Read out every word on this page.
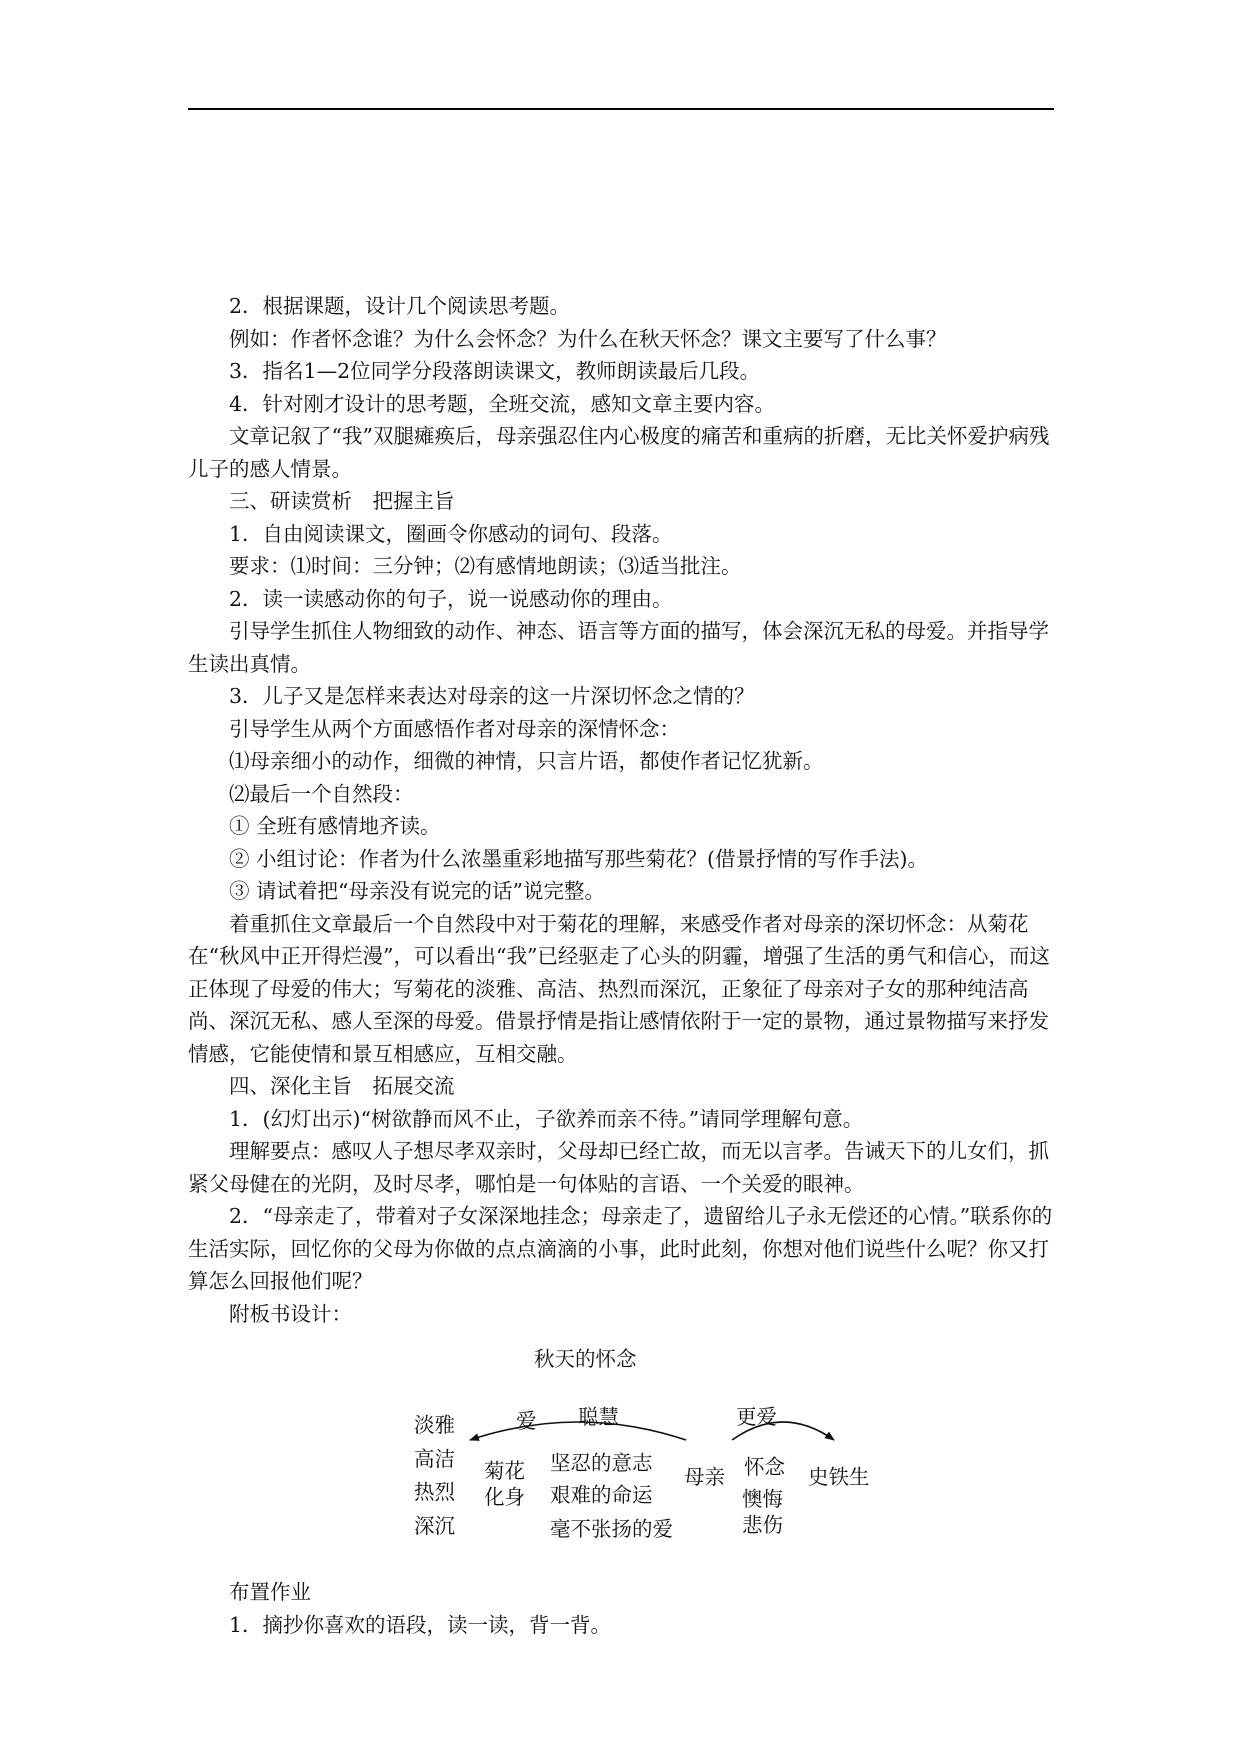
2．根据课题，设计几个阅读思考题。

例如：作者怀念谁？为什么会怀念？为什么在秋天怀念？课文主要写了什么事？

3．指名1—2位同学分段落朗读课文，教师朗读最后几段。

4．针对刚才设计的思考题，全班交流，感知文章主要内容。

文章记叙了“我”双腿瘫痪后，母亲强忍住内心极度的痛苦和重病的折磨，无比关怀爱护病残儿子的感人情景。

三、研读赏析　把握主旨

1．自由阅读课文，圈画令你感动的词句、段落。

要求：⑴时间：三分钟；⑵有感情地朗读；⑶适当批注。

2．读一读感动你的句子，说一说感动你的理由。

引导学生抓住人物细致的动作、神态、语言等方面的描写，体会深沉无私的母爱。并指导学生读出真情。

3．儿子又是怎样来表达对母亲的这一片深切怀念之情的？

引导学生从两个方面感悟作者对母亲的深情怀念：

⑴母亲细小的动作，细微的神情，只言片语，都使作者记忆犹新。

⑵最后一个自然段：

① 全班有感情地齐读。

② 小组讨论：作者为什么浓墨重彩地描写那些菊花？(借景抒情的写作手法)。

③ 请试着把“母亲没有说完的话”说完整。

着重抓住文章最后一个自然段中对于菊花的理解，来感受作者对母亲的深切怀念：从菊花在“秋风中正开得烂漫”，可以看出“我”已经驱走了心头的阴霾，增强了生活的勇气和信心，而这正体现了母爱的伟大；写菊花的淡雅、高洁、热烈而深沉，正象征了母亲对子女的那种纯洁高尚、深沉无私、感人至深的母爱。借景抒情是指让感情依附于一定的景物，通过景物描写来抒发情感，它能使情和景互相感应，互相交融。

四、深化主旨　拓展交流

1．(幻灯出示)“树欲静而风不止，子欲养而亲不待。”请同学理解句意。

理解要点：感叹人子想尽孝双亲时，父母却已经亡故，而无以言孝。告诫天下的儿女们，抓紧父母健在的光阴，及时尽孝，哪怕是一句体贴的言语、一个关爱的眼神。

2．“母亲走了，带着对子女深深地挂念；母亲走了，遗留给儿子永无偿还的心情。”联系你的生活实际，回忆你的父母为你做的点点滴滴的小事，此时此刻，你想对他们说些什么呢？你又打算怎么回报他们呢？

附板书设计：

秋天的怀念
淡雅
高洁
热烈
深沉
爱 聪慧
菊花
化身
坚忍的意志
艰难的命运
毫不张扬的爱
母亲
更爱
怀念
懊悔
悲伤
史铁生

布置作业

1．摘抄你喜欢的语段，读一读，背一背。
